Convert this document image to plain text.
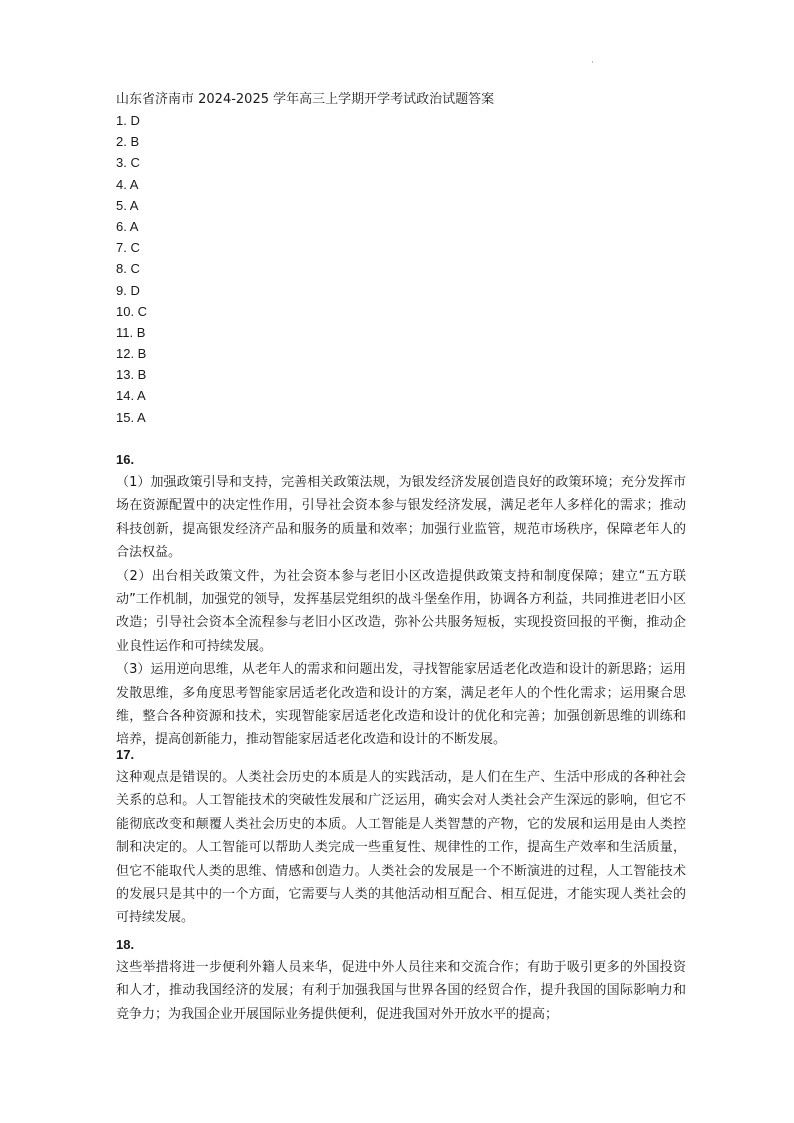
·
山东省济南市 2024-2025 学年高三上学期开学考试政治试题答案
1. D
2. B
3. C
4. A
5. A
6. A
7. C
8. C
9. D
10. C
11. B
12. B
13. B
14. A
15. A
16.

（1）加强政策引导和支持，完善相关政策法规，为银发经济发展创造良好的政策环境；充分发挥市场在资源配置中的决定性作用，引导社会资本参与银发经济发展，满足老年人多样化的需求；推动科技创新，提高银发经济产品和服务的质量和效率；加强行业监管，规范市场秩序，保障老年人的合法权益。

（2）出台相关政策文件，为社会资本参与老旧小区改造提供政策支持和制度保障；建立“五方联动”工作机制，加强党的领导，发挥基层党组织的战斗堡垒作用，协调各方利益，共同推进老旧小区改造；引导社会资本全流程参与老旧小区改造，弥补公共服务短板，实现投资回报的平衡，推动企业良性运作和可持续发展。

（3）运用逆向思维，从老年人的需求和问题出发，寻找智能家居适老化改造和设计的新思路；运用发散思维，多角度思考智能家居适老化改造和设计的方案，满足老年人的个性化需求；运用聚合思维，整合各种资源和技术，实现智能家居适老化改造和设计的优化和完善；加强创新思维的训练和培养，提高创新能力，推动智能家居适老化改造和设计的不断发展。

17.

这种观点是错误的。人类社会历史的本质是人的实践活动，是人们在生产、生活中形成的各种社会关系的总和。人工智能技术的突破性发展和广泛运用，确实会对人类社会产生深远的影响，但它不能彻底改变和颠覆人类社会历史的本质。人工智能是人类智慧的产物，它的发展和运用是由人类控制和决定的。人工智能可以帮助人类完成一些重复性、规律性的工作，提高生产效率和生活质量，但它不能取代人类的思维、情感和创造力。人类社会的发展是一个不断演进的过程，人工智能技术的发展只是其中的一个方面，它需要与人类的其他活动相互配合、相互促进，才能实现人类社会的可持续发展。

18.

这些举措将进一步便利外籍人员来华，促进中外人员往来和交流合作；有助于吸引更多的外国投资和人才，推动我国经济的发展；有利于加强我国与世界各国的经贸合作，提升我国的国际影响力和竞争力；为我国企业开展国际业务提供便利，促进我国对外开放水平的提高；
